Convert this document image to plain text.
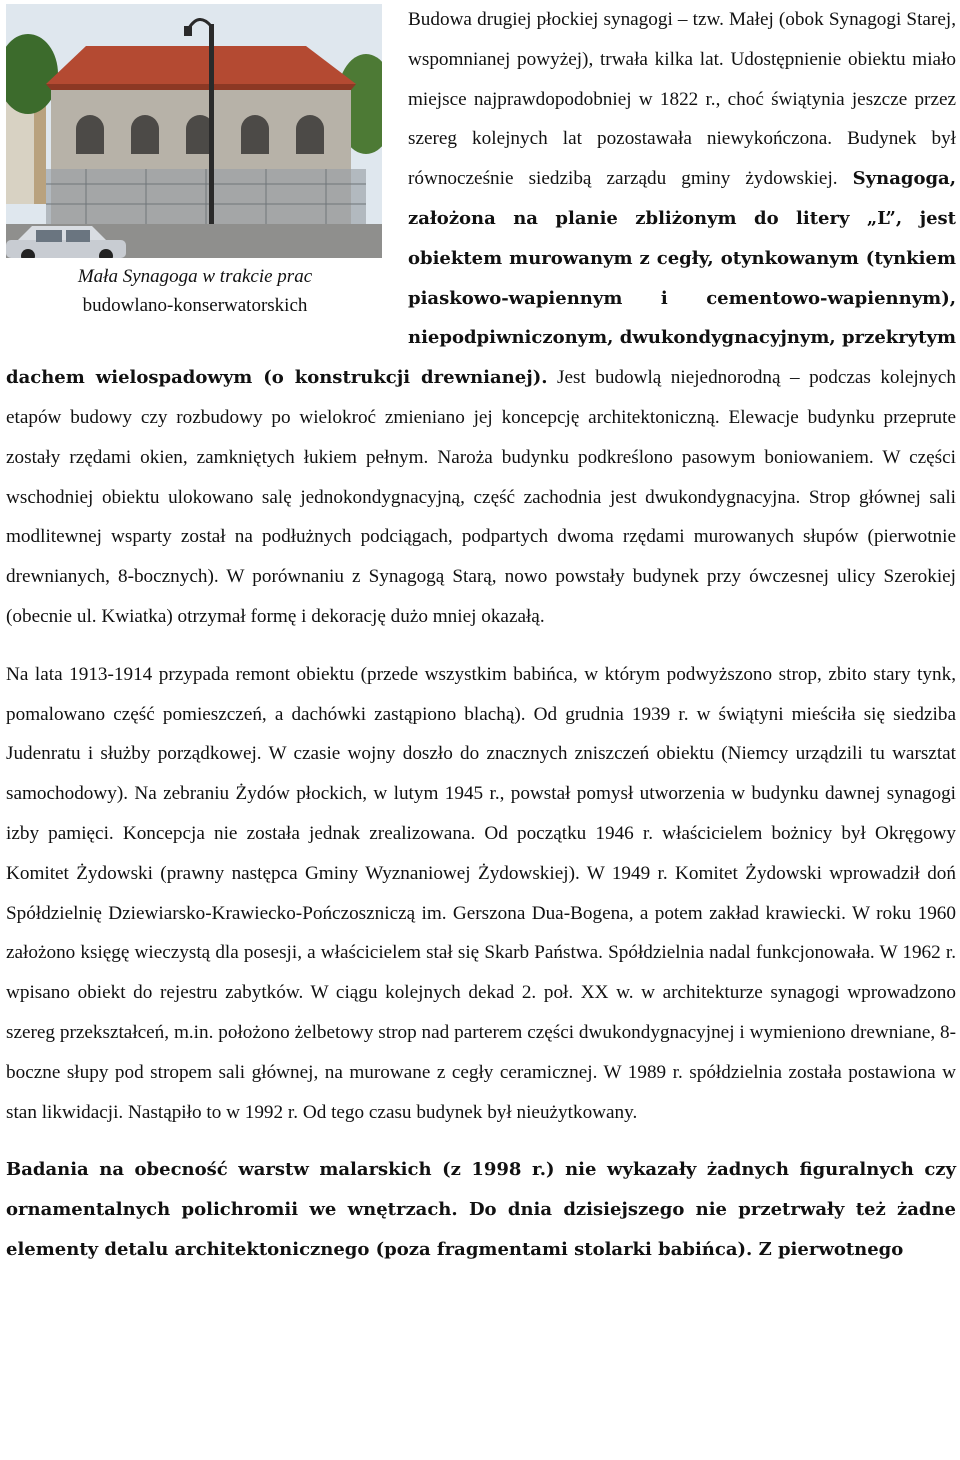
Mała Synagoga w trakcie prac
budowlano-konserwatorskich

Budowa drugiej płockiej synagogi – tzw. Małej (obok Synagogi Starej, wspomnianej powyżej), trwała kilka lat. Udostępnienie obiektu miało miejsce najprawdopodobniej w 1822 r., choć świątynia jeszcze przez szereg kolejnych lat pozostawała niewykończona. Budynek był równocześnie siedzibą zarządu gminy żydowskiej. Synagoga, założona na planie zbliżonym do litery „L”, jest obiektem murowanym z cegły, otynkowanym (tynkiem piaskowo-wapiennym i cementowo-wapiennym), niepodpiwniczonym, dwukondygnacyjnym, przekrytym dachem wielospadowym (o konstrukcji drewnianej). Jest budowlą niejednorodną – podczas kolejnych etapów budowy czy rozbudowy po wielokroć zmieniano jej koncepcję architektoniczną. Elewacje budynku przeprute zostały rzędami okien, zamkniętych łukiem pełnym. Naroża budynku podkreślono pasowym boniowaniem. W części wschodniej obiektu ulokowano salę jednokondygnacyjną, część zachodnia jest dwukondygnacyjna. Strop głównej sali modlitewnej wsparty został na podłużnych podciągach, podpartych dwoma rzędami murowanych słupów (pierwotnie drewnianych, 8-bocznych). W porównaniu z Synagogą Starą, nowo powstały budynek przy ówczesnej ulicy Szerokiej (obecnie ul. Kwiatka) otrzymał formę i dekorację dużo mniej okazałą.

Na lata 1913-1914 przypada remont obiektu (przede wszystkim babińca, w którym podwyższono strop, zbito stary tynk, pomalowano część pomieszczeń, a dachówki zastąpiono blachą). Od grudnia 1939 r. w świątyni mieściła się siedziba Judenratu i służby porządkowej. W czasie wojny doszło do znacznych zniszczeń obiektu (Niemcy urządzili tu warsztat samochodowy). Na zebraniu Żydów płockich, w lutym 1945 r., powstał pomysł utworzenia w budynku dawnej synagogi izby pamięci. Koncepcja nie została jednak zrealizowana. Od początku 1946 r. właścicielem bożnicy był Okręgowy Komitet Żydowski (prawny następca Gminy Wyznaniowej Żydowskiej). W 1949 r. Komitet Żydowski wprowadził doń Spółdzielnię Dziewiarsko-Krawiecko-Pończoszniczą im. Gerszona Dua-Bogena, a potem zakład krawiecki. W roku 1960 założono księgę wieczystą dla posesji, a właścicielem stał się Skarb Państwa. Spółdzielnia nadal funkcjonowała. W 1962 r. wpisano obiekt do rejestru zabytków. W ciągu kolejnych dekad 2. poł. XX w. w architekturze synagogi wprowadzono szereg przekształceń, m.in. położono żelbetowy strop nad parterem części dwukondygnacyjnej i wymieniono drewniane, 8-boczne słupy pod stropem sali głównej, na murowane z cegły ceramicznej. W 1989 r. spółdzielnia została postawiona w stan likwidacji. Nastąpiło to w 1992 r. Od tego czasu budynek był nieużytkowany.

Badania na obecność warstw malarskich (z 1998 r.) nie wykazały żadnych figuralnych czy ornamentalnych polichromii we wnętrzach. Do dnia dzisiejszego nie przetrwały też żadne elementy detalu architektonicznego (poza fragmentami stolarki babińca). Z pierwotnego
